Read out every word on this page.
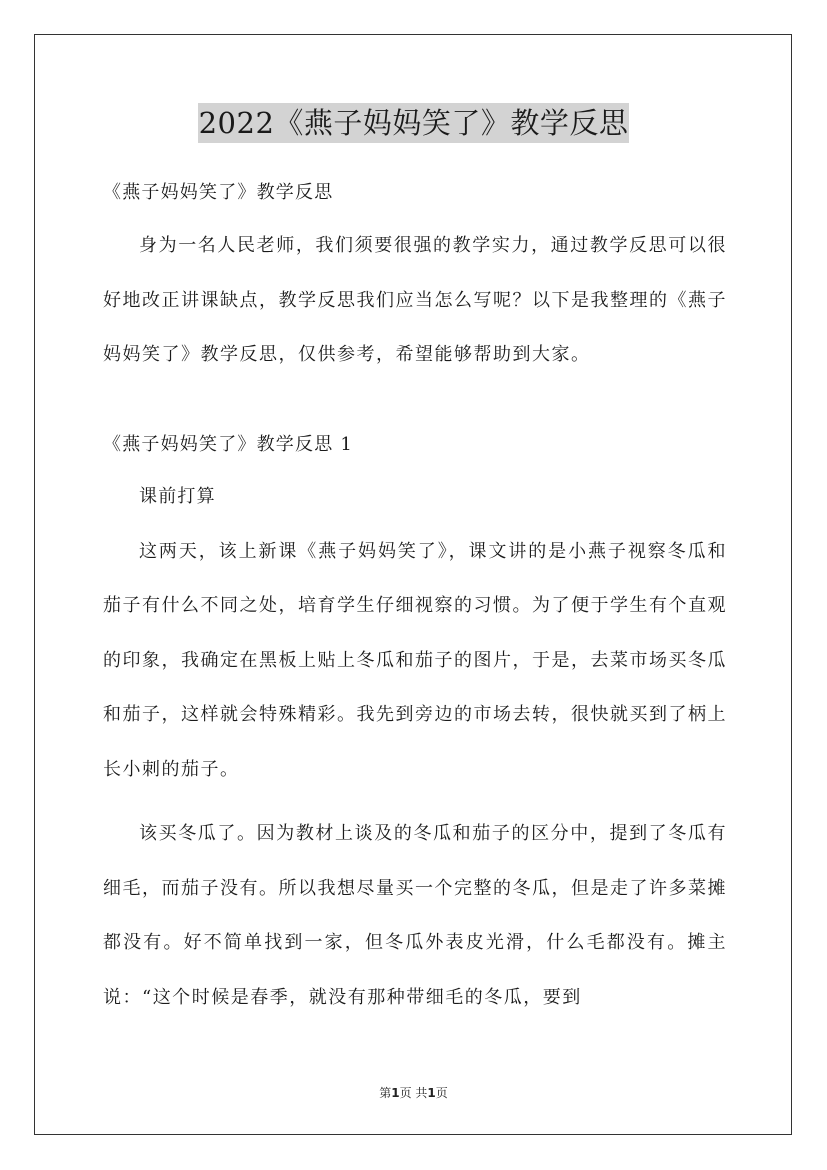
2022《燕子妈妈笑了》教学反思

《燕子妈妈笑了》教学反思

身为一名人民老师，我们须要很强的教学实力，通过教学反思可以很好地改正讲课缺点，教学反思我们应当怎么写呢？以下是我整理的《燕子妈妈笑了》教学反思，仅供参考，希望能够帮助到大家。

《燕子妈妈笑了》教学反思 1

课前打算

这两天，该上新课《燕子妈妈笑了》，课文讲的是小燕子视察冬瓜和茄子有什么不同之处，培育学生仔细视察的习惯。为了便于学生有个直观的印象，我确定在黑板上贴上冬瓜和茄子的图片，于是，去菜市场买冬瓜和茄子，这样就会特殊精彩。我先到旁边的市场去转，很快就买到了柄上长小刺的茄子。

该买冬瓜了。因为教材上谈及的冬瓜和茄子的区分中，提到了冬瓜有细毛，而茄子没有。所以我想尽量买一个完整的冬瓜，但是走了许多菜摊都没有。好不简单找到一家，但冬瓜外表皮光滑，什么毛都没有。摊主说：“这个时候是春季，就没有那种带细毛的冬瓜，要到

第1页 共1页
